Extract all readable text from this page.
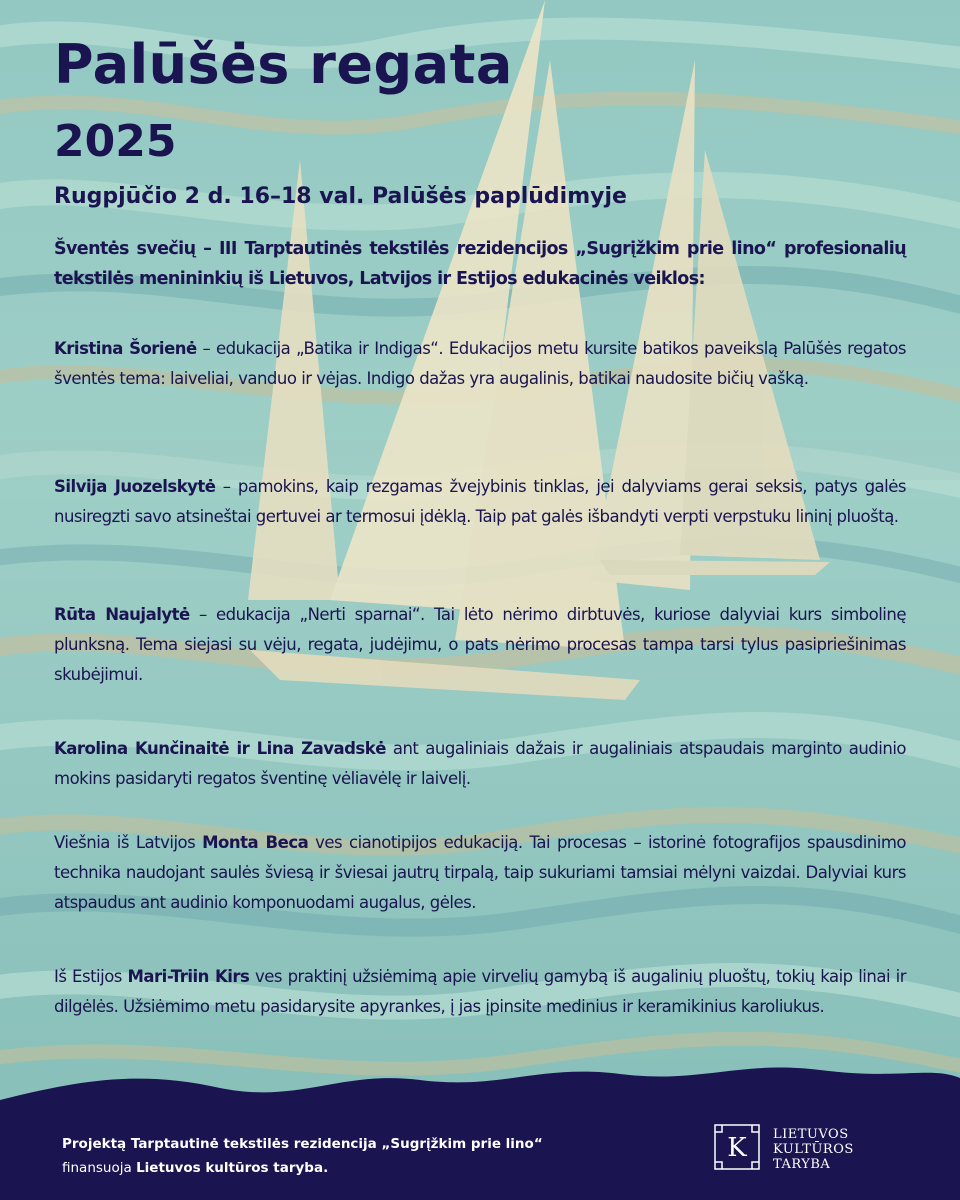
Palūšės regata
2025

Rugpjūčio 2 d. 16–18 val. Palūšės paplūdimyje

Šventės svečių – III Tarptautinės tekstilės rezidencijos „Sugrįžkim prie lino“ profesionalių tekstilės menininkių iš Lietuvos, Latvijos ir Estijos edukacinės veiklos:

Kristina Šorienė – edukacija „Batika ir Indigas“. Edukacijos metu kursite batikos paveikslą Palūšės regatos šventės tema: laiveliai, vanduo ir vėjas. Indigo dažas yra augalinis, batikai naudosite bičių vašką.

Silvija Juozelskytė – pamokins, kaip rezgamas žvejybinis tinklas, jei dalyviams gerai seksis, patys galės nusiregzti savo atsineštai gertuvei ar termosui įdėklą. Taip pat galės išbandyti verpti verpstuku lininį pluoštą.

Rūta Naujalytė – edukacija „Nerti sparnai“. Tai lėto nėrimo dirbtuvės, kuriose dalyviai kurs simbolinę plunksną. Tema siejasi su vėju, regata, judėjimu, o pats nėrimo procesas tampa tarsi tylus pasipriešinimas skubėjimui.

Karolina Kunčinaitė ir Lina Zavadskė ant augaliniais dažais ir augaliniais atspaudais marginto audinio mokins pasidaryti regatos šventinę vėliavėlę ir laivelį.

Viešnia iš Latvijos Monta Beca ves cianotipijos edukaciją. Tai procesas – istorinė fotografijos spausdinimo technika naudojant saulės šviesą ir šviesai jautrų tirpalą, taip sukuriami tamsiai mėlyni vaizdai. Dalyviai kurs atspaudus ant audinio komponuodami augalus, gėles.

Iš Estijos Mari-Triin Kirs ves praktinį užsiėmimą apie virvelių gamybą iš augalinių pluoštų, tokių kaip linai ir dilgėlės. Užsiėmimo metu pasidarysite apyrankes, į jas įpinsite medinius ir keramikinius karoliukus.

Projektą Tarptautinė tekstilės rezidencija „Sugrįžkim prie lino“
finansuoja Lietuvos kultūros taryba.
K LIETUVOS
KULTŪROS
TARYBA
